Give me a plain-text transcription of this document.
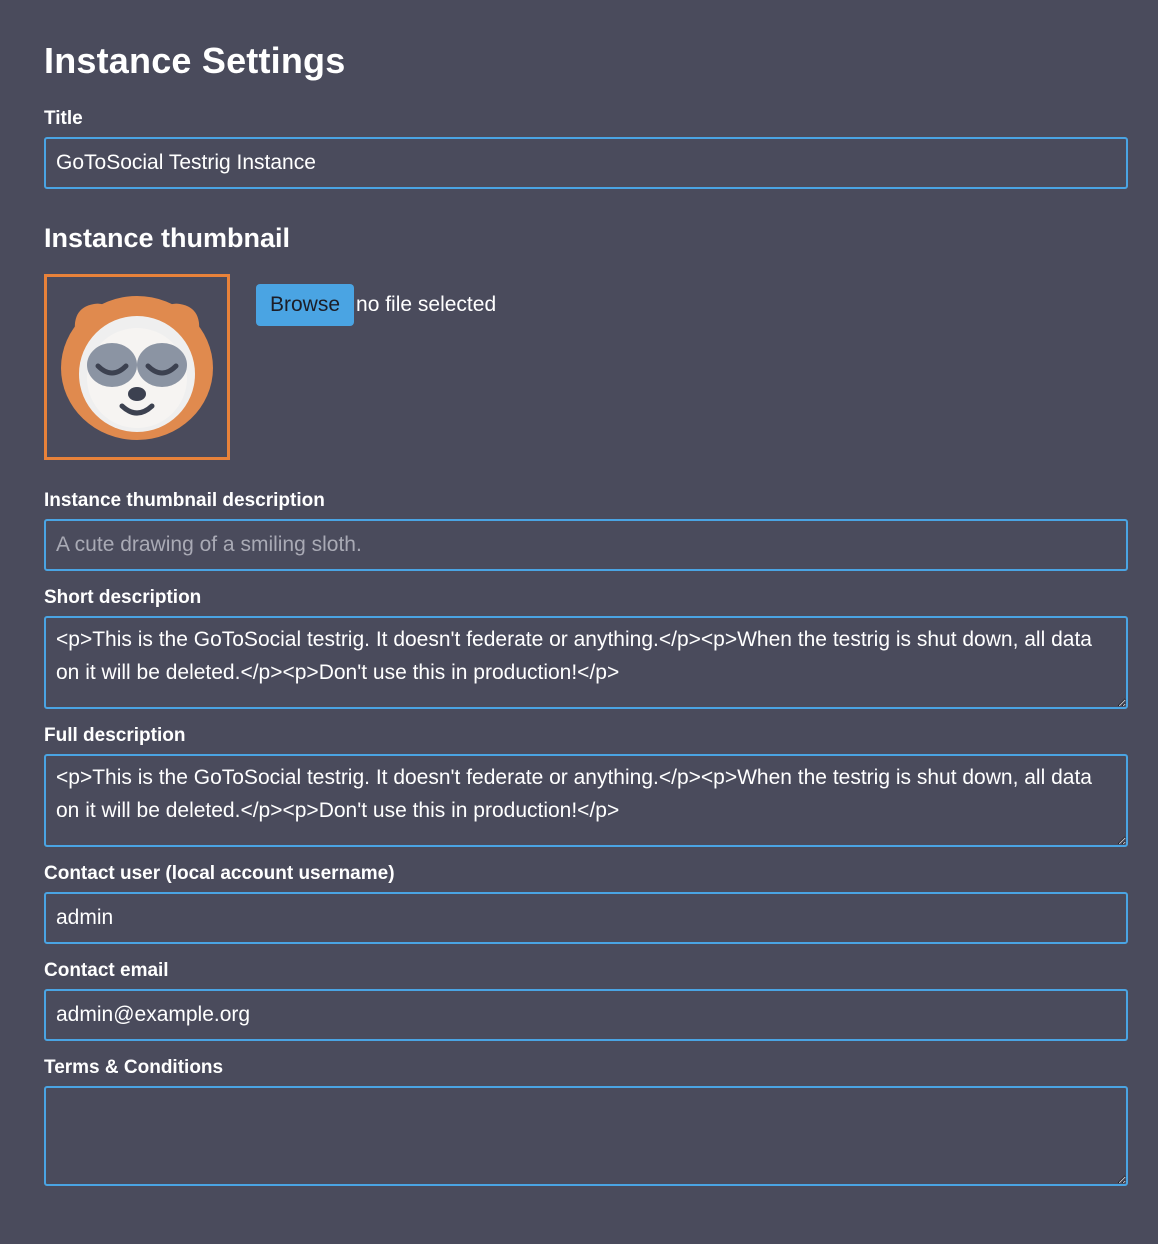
Instance Settings
Title
GoToSocial Testrig Instance
Instance thumbnail
Browse no file selected
Instance thumbnail description
A cute drawing of a smiling sloth.
Short description
<p>This is the GoToSocial testrig. It doesn't federate or anything.</p><p>When the testrig is shut down, all data on it will be deleted.</p><p>Don't use this in production!</p>
Full description
<p>This is the GoToSocial testrig. It doesn't federate or anything.</p><p>When the testrig is shut down, all data on it will be deleted.</p><p>Don't use this in production!</p>
Contact user (local account username)
admin
Contact email
admin@example.org
Terms & Conditions
